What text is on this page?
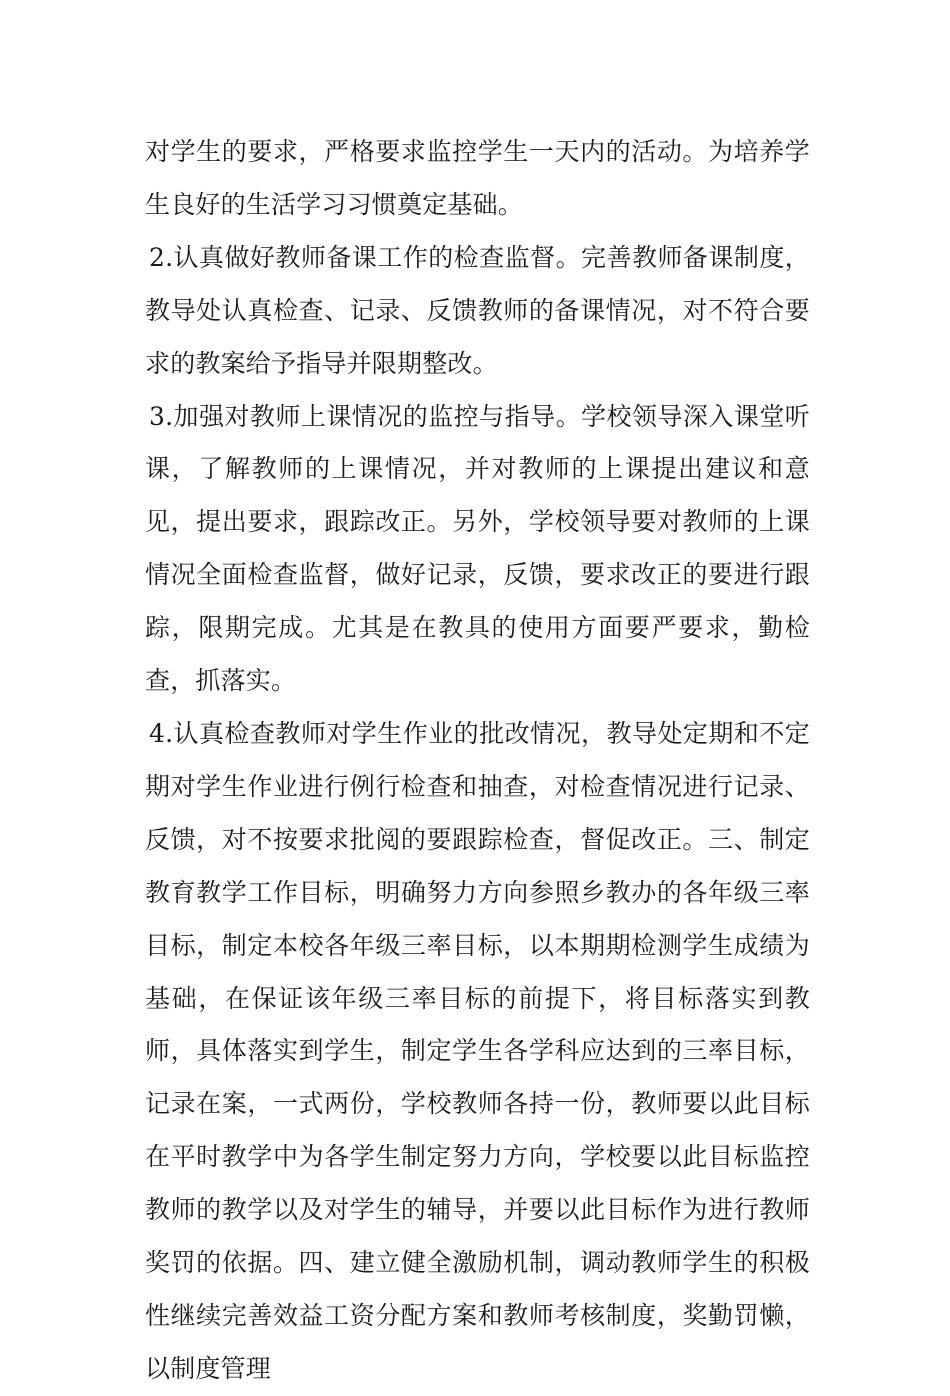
对学生的要求，严格要求监控学生一天内的活动。为培养学生良好的生活学习习惯奠定基础。

2.认真做好教师备课工作的检查监督。完善教师备课制度，教导处认真检查、记录、反馈教师的备课情况，对不符合要求的教案给予指导并限期整改。

3.加强对教师上课情况的监控与指导。学校领导深入课堂听课，了解教师的上课情况，并对教师的上课提出建议和意见，提出要求，跟踪改正。另外，学校领导要对教师的上课情况全面检查监督，做好记录，反馈，要求改正的要进行跟踪，限期完成。尤其是在教具的使用方面要严要求，勤检查，抓落实。

4.认真检查教师对学生作业的批改情况，教导处定期和不定期对学生作业进行例行检查和抽查，对检查情况进行记录、反馈，对不按要求批阅的要跟踪检查，督促改正。三、制定教育教学工作目标，明确努力方向参照乡教办的各年级三率目标，制定本校各年级三率目标，以本期期检测学生成绩为基础，在保证该年级三率目标的前提下，将目标落实到教师，具体落实到学生，制定学生各学科应达到的三率目标，记录在案，一式两份，学校教师各持一份，教师要以此目标在平时教学中为各学生制定努力方向，学校要以此目标监控教师的教学以及对学生的辅导，并要以此目标作为进行教师奖罚的依据。四、建立健全激励机制，调动教师学生的积极性继续完善效益工资分配方案和教师考核制度，奖勤罚懒，以制度管理
